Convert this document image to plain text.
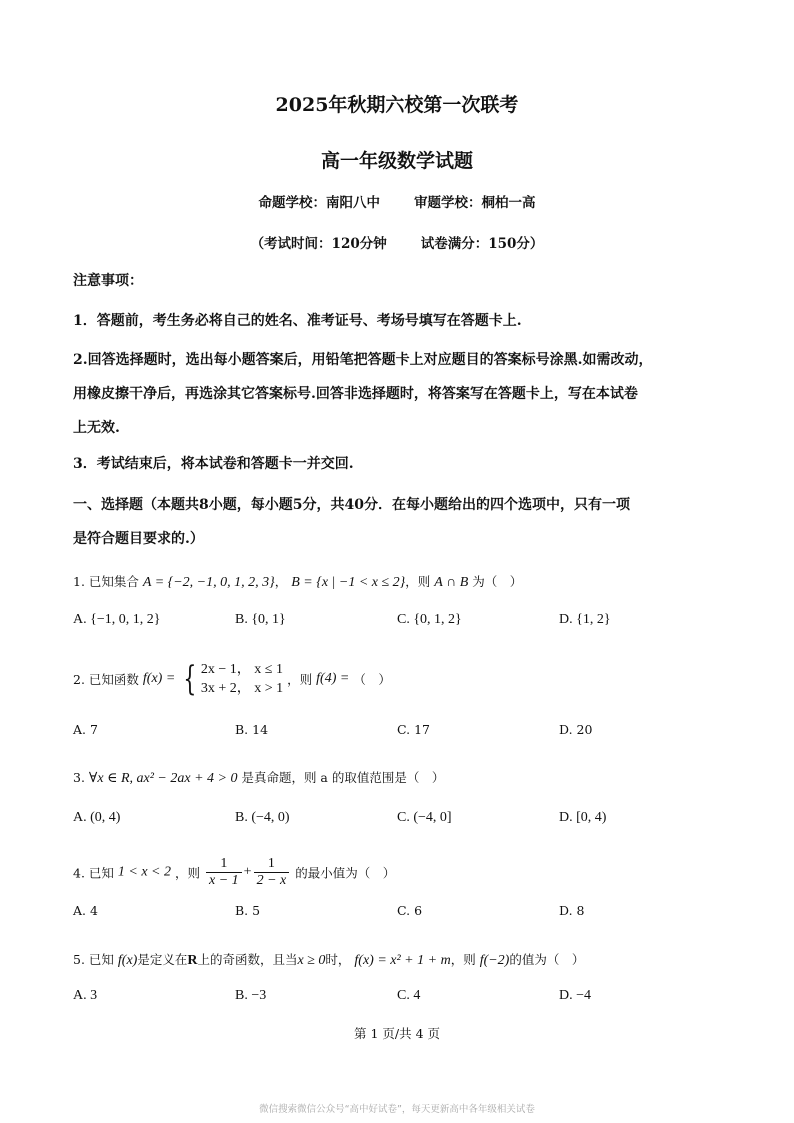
2025年秋期六校第一次联考
高一年级数学试题
命题学校：南阳八中	审题学校：桐柏一高
（考试时间：120分钟	试卷满分：150分）
注意事项：
1．答题前，考生务必将自己的姓名、准考证号、考场号填写在答题卡上.
2.回答选择题时，选出每小题答案后，用铅笔把答题卡上对应题目的答案标号涂黑.如需改动，
用橡皮擦干净后，再选涂其它答案标号.回答非选择题时，将答案写在答题卡上，写在本试卷
上无效.
3．考试结束后，将本试卷和答题卡一并交回.
一、选择题（本题共8小题，每小题5分，共40分．在每小题给出的四个选项中，只有一项
是符合题目要求的.）
1. 已知集合 A = {−2, −1, 0, 1, 2, 3}， B = {x | −1 < x ≤ 2}，则 A ∩ B 为（　）
A. {−1, 0, 1, 2}	B. {0, 1}	C. {0, 1, 2}	D. {1, 2}
2. 已知函数 f(x) = { 2x − 1， x ≤ 1
3x + 2， x > 1
，则 f(4) = （　）
A. 7	B. 14	C. 17	D. 20
3. ∀x ∈ R, ax² − 2ax + 4 > 0 是真命题，则 a 的取值范围是（　）
A. (0, 4)	B. (−4, 0)	C. (−4, 0]	D. [0, 4)
4. 已知 1 < x < 2 ，则 $\frac{1}{x - 1} + \frac{1}{2 - x}$ 的最小值为（　）
A. 4	B. 5	C. 6	D. 8
5. 已知 f(x)是定义在R上的奇函数，且当x ≥ 0时， f(x) = x² + 1 + m，则 f(−2)的值为（　）
A. 3	B. −3	C. 4	D. −4
第 1 页/共 4 页
微信搜索微信公众号“高中好试卷”，每天更新高中各年级相关试卷
